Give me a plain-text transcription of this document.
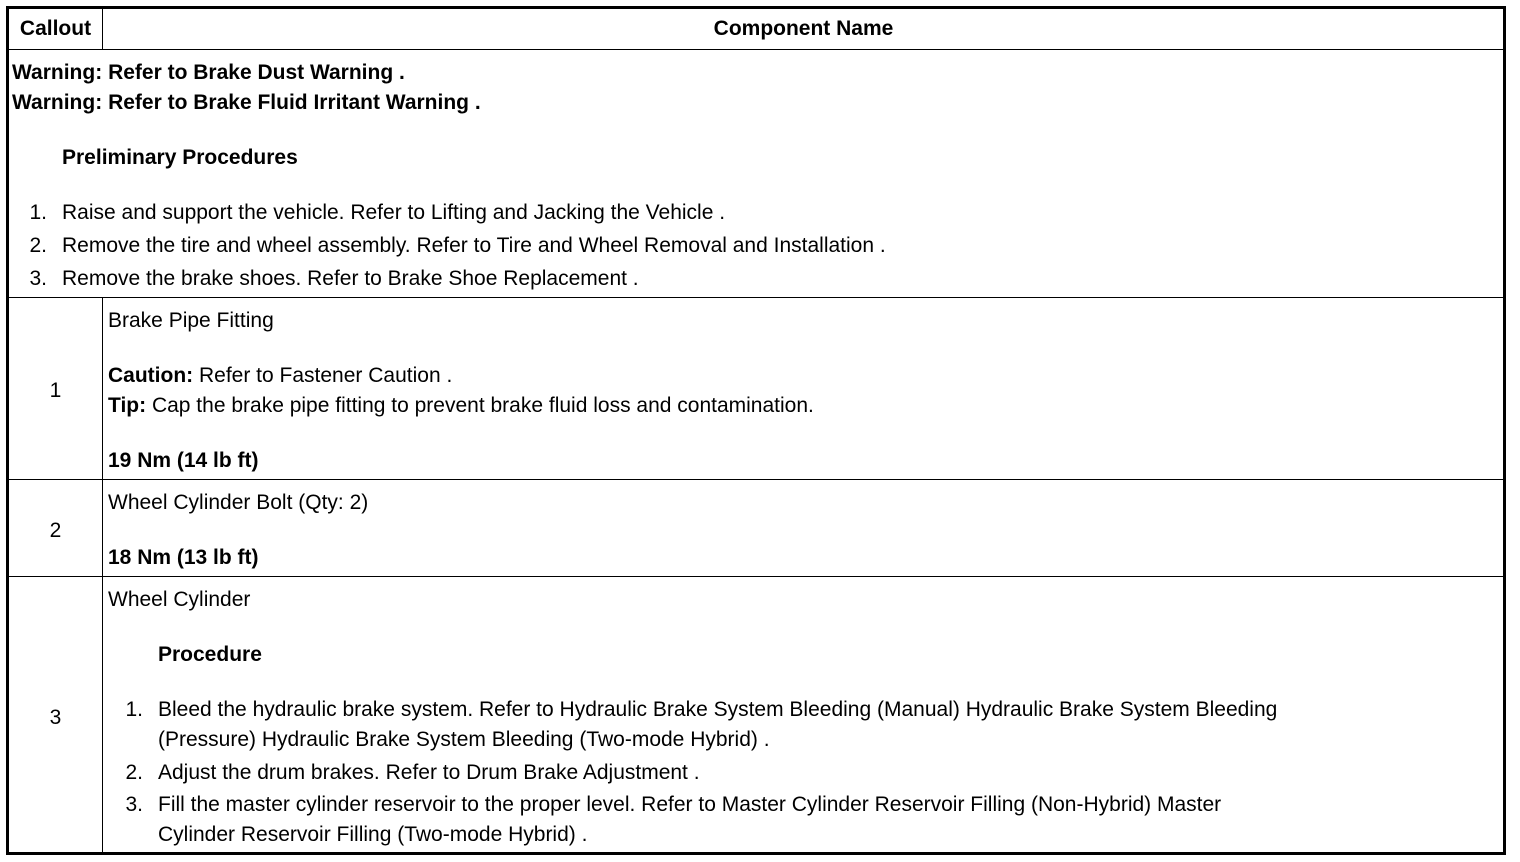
Callout	Component Name
Warning: Refer to Brake Dust Warning .
Warning: Refer to Brake Fluid Irritant Warning .
Preliminary Procedures
1. Raise and support the vehicle. Refer to Lifting and Jacking the Vehicle .
2. Remove the tire and wheel assembly. Refer to Tire and Wheel Removal and Installation .
3. Remove the brake shoes. Refer to Brake Shoe Replacement .
1
Brake Pipe Fitting
Caution: Refer to Fastener Caution .
Tip: Cap the brake pipe fitting to prevent brake fluid loss and contamination.
19 Nm (14 lb ft)
2
Wheel Cylinder Bolt (Qty: 2)
18 Nm (13 lb ft)
3
Wheel Cylinder
Procedure
1. Bleed the hydraulic brake system. Refer to Hydraulic Brake System Bleeding (Manual) Hydraulic Brake System Bleeding
(Pressure) Hydraulic Brake System Bleeding (Two-mode Hybrid) .
2. Adjust the drum brakes. Refer to Drum Brake Adjustment .
3. Fill the master cylinder reservoir to the proper level. Refer to Master Cylinder Reservoir Filling (Non-Hybrid) Master
Cylinder Reservoir Filling (Two-mode Hybrid) .
